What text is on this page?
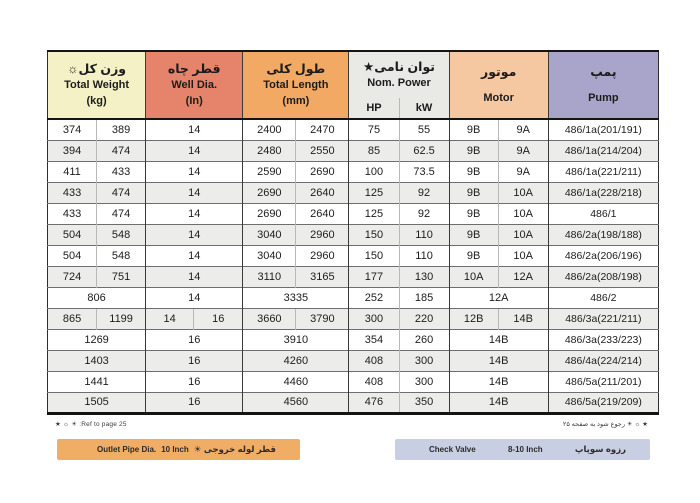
وزن کل☼
Total Weight
(kg)

قطر چاه
Well Dia.
(In)

طول کلی
Total Length
(mm)

توان نامی★
Nom. Power

موتور
Motor

پمپ
Pump

						HP	kW			
374	389	14		2400	2470	75	55	9B	9A	486/1a(201/191)
394	474	14		2480	2550	85	62.5	9B	9A	486/1a(214/204)
411	433	14		2590	2690	100	73.5	9B	9A	486/1a(221/211)
433	474	14		2690	2640	125	92	9B	10A	486/1a(228/218)
433	474	14		2690	2640	125	92	9B	10A	486/1
504	548	14		3040	2960	150	110	9B	10A	486/2a(198/188)
504	548	14		3040	2960	150	110	9B	10A	486/2a(206/196)
724	751	14		3110	3165	177	130	10A	12A	486/2a(208/198)
806		14		3335		252	185	12A		486/2
865	1199	14	16	3660	3790	300	220	12B	14B	486/3a(221/211)
1269		16		3910		354	260	14B		486/3a(233/223)
1403		16		4260		408	300	14B		486/4a(224/214)
1441		16		4460		408	300	14B		486/5a(211/201)
1505		16		4560		476	350	14B		486/5a(219/209)
★ ☼ ☀ :Ref to page 25	★ ☼ ☀ رجوع شود به صفحه ۲۵
Outlet Pipe Dia. 10 Inch قطر لوله خروجی ☀	Check Valve	8-10 Inch	رزوه سوپاپ
